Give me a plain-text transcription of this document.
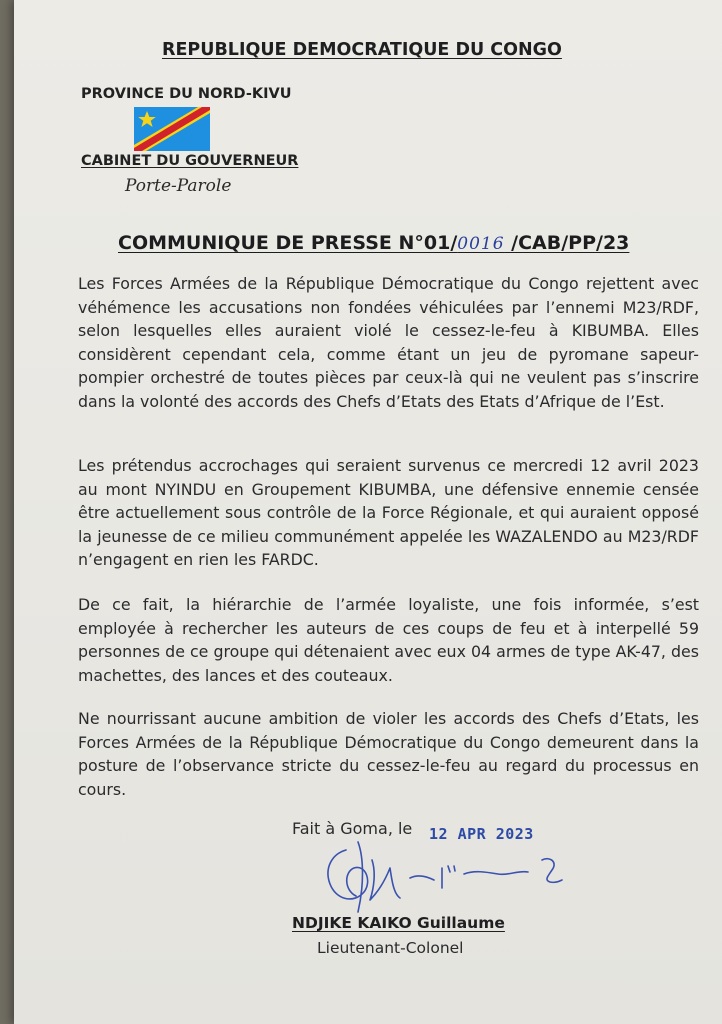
REPUBLIQUE DEMOCRATIQUE DU CONGO
PROVINCE DU NORD-KIVU
CABINET DU GOUVERNEUR
Porte-Parole
COMMUNIQUE DE PRESSE N°01/0016 /CAB/PP/23
Les Forces Armées de la République Démocratique du Congo rejettent avec véhémence les accusations non fondées véhiculées par l’ennemi M23/RDF, selon lesquelles elles auraient violé le cessez-le-feu à KIBUMBA. Elles considèrent cependant cela, comme étant un jeu de pyromane sapeur-pompier orchestré de toutes pièces par ceux-là qui ne veulent pas s’inscrire dans la volonté des accords des Chefs d’Etats des Etats d’Afrique de l’Est.
Les prétendus accrochages qui seraient survenus ce mercredi 12 avril 2023 au mont NYINDU en Groupement KIBUMBA, une défensive ennemie censée être actuellement sous contrôle de la Force Régionale, et qui auraient opposé la jeunesse de ce milieu communément appelée les WAZALENDO au M23/RDF n’engagent en rien les FARDC.
De ce fait, la hiérarchie de l’armée loyaliste, une fois informée, s’est employée à rechercher les auteurs de ces coups de feu et à interpellé 59 personnes de ce groupe qui détenaient avec eux 04 armes de type AK-47, des machettes, des lances et des couteaux.
Ne nourrissant aucune ambition de violer les accords des Chefs d’Etats, les Forces Armées de la République Démocratique du Congo demeurent dans la posture de l’observance stricte du cessez-le-feu au regard du processus en cours.
Fait à Goma, le 12 APR 2023
NDJIKE KAIKO Guillaume
Lieutenant-Colonel
